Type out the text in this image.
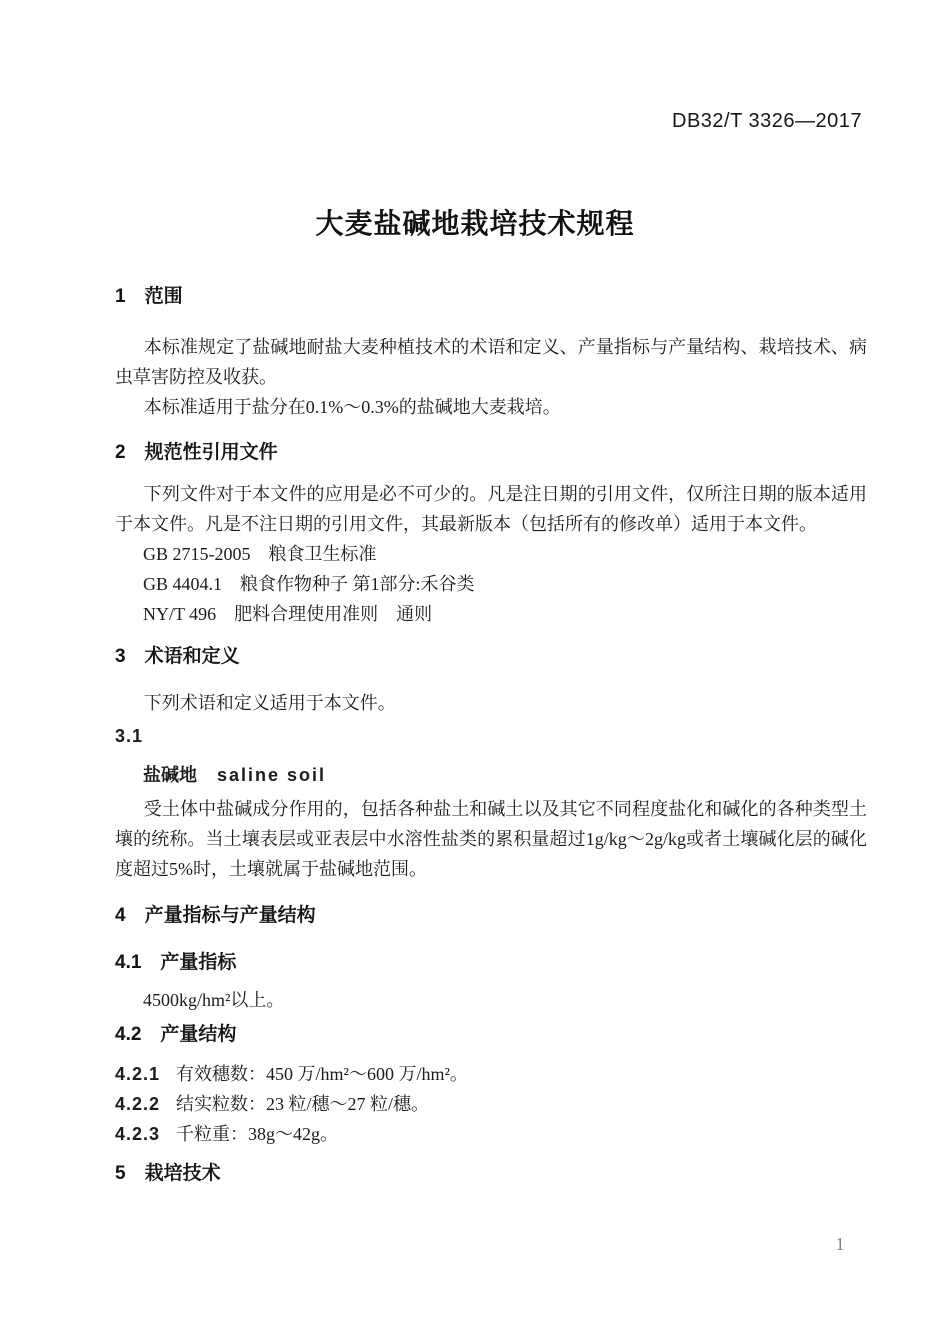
DB32/T 3326—2017
大麦盐碱地栽培技术规程
1　范围
本标准规定了盐碱地耐盐大麦种植技术的术语和定义、产量指标与产量结构、栽培技术、病虫草害防控及收获。
本标准适用于盐分在0.1%～0.3%的盐碱地大麦栽培。
2　规范性引用文件
下列文件对于本文件的应用是必不可少的。凡是注日期的引用文件，仅所注日期的版本适用于本文件。凡是不注日期的引用文件，其最新版本（包括所有的修改单）适用于本文件。
GB 2715-2005　粮食卫生标准
GB 4404.1　粮食作物种子 第1部分:禾谷类
NY/T 496　肥料合理使用准则　通则
3　术语和定义
下列术语和定义适用于本文件。
3.1
盐碱地 saline soil
受土体中盐碱成分作用的，包括各种盐土和碱土以及其它不同程度盐化和碱化的各种类型土壤的统称。当土壤表层或亚表层中水溶性盐类的累积量超过1g/kg～2g/kg或者土壤碱化层的碱化度超过5%时，土壤就属于盐碱地范围。
4　产量指标与产量结构
4.1　产量指标
4500kg/hm²以上。
4.2　产量结构
4.2.1 有效穗数：450 万/hm²～600 万/hm²。
4.2.2 结实粒数：23 粒/穗～27 粒/穗。
4.2.3 千粒重：38g～42g。
5　栽培技术
1
